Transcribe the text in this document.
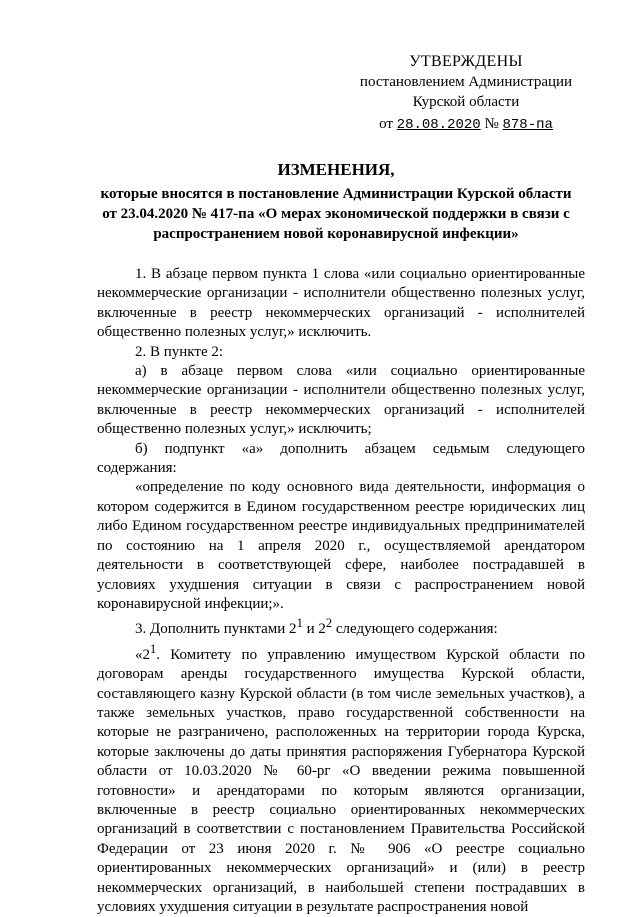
УТВЕРЖДЕНЫ
постановлением Администрации
Курской области
от 28.08.2020 № 878-па
ИЗМЕНЕНИЯ,
которые вносятся в постановление Администрации Курской области
от 23.04.2020 № 417-па «О мерах экономической поддержки в связи с
распространением новой коронавирусной инфекции»
1. В абзаце первом пункта 1 слова «или социально ориентированные некоммерческие организации - исполнители общественно полезных услуг, включенные в реестр некоммерческих организаций - исполнителей общественно полезных услуг,» исключить.
2. В пункте 2:
а) в абзаце первом слова «или социально ориентированные некоммерческие организации - исполнители общественно полезных услуг, включенные в реестр некоммерческих организаций - исполнителей общественно полезных услуг,» исключить;
б) подпункт «а» дополнить абзацем седьмым следующего содержания:
«определение по коду основного вида деятельности, информация о котором содержится в Едином государственном реестре юридических лиц либо Едином государственном реестре индивидуальных предпринимателей по состоянию на 1 апреля 2020 г., осуществляемой арендатором деятельности в соответствующей сфере, наиболее пострадавшей в условиях ухудшения ситуации в связи с распространением новой коронавирусной инфекции;».
3. Дополнить пунктами $2^1$ и $2^2$ следующего содержания:
«$2^1$. Комитету по управлению имуществом Курской области по договорам аренды государственного имущества Курской области, составляющего казну Курской области (в том числе земельных участков), а также земельных участков, право государственной собственности на которые не разграничено, расположенных на территории города Курска, которые заключены до даты принятия распоряжения Губернатора Курской области от 10.03.2020 № 60-рг «О введении режима повышенной готовности» и арендаторами по которым являются организации, включенные в реестр социально ориентированных некоммерческих организаций в соответствии с постановлением Правительства Российской Федерации от 23 июня 2020 г. № 906 «О реестре социально ориентированных некоммерческих организаций» и (или) в реестр некоммерческих организаций, в наибольшей степени пострадавших в условиях ухудшения ситуации в результате распространения новой
